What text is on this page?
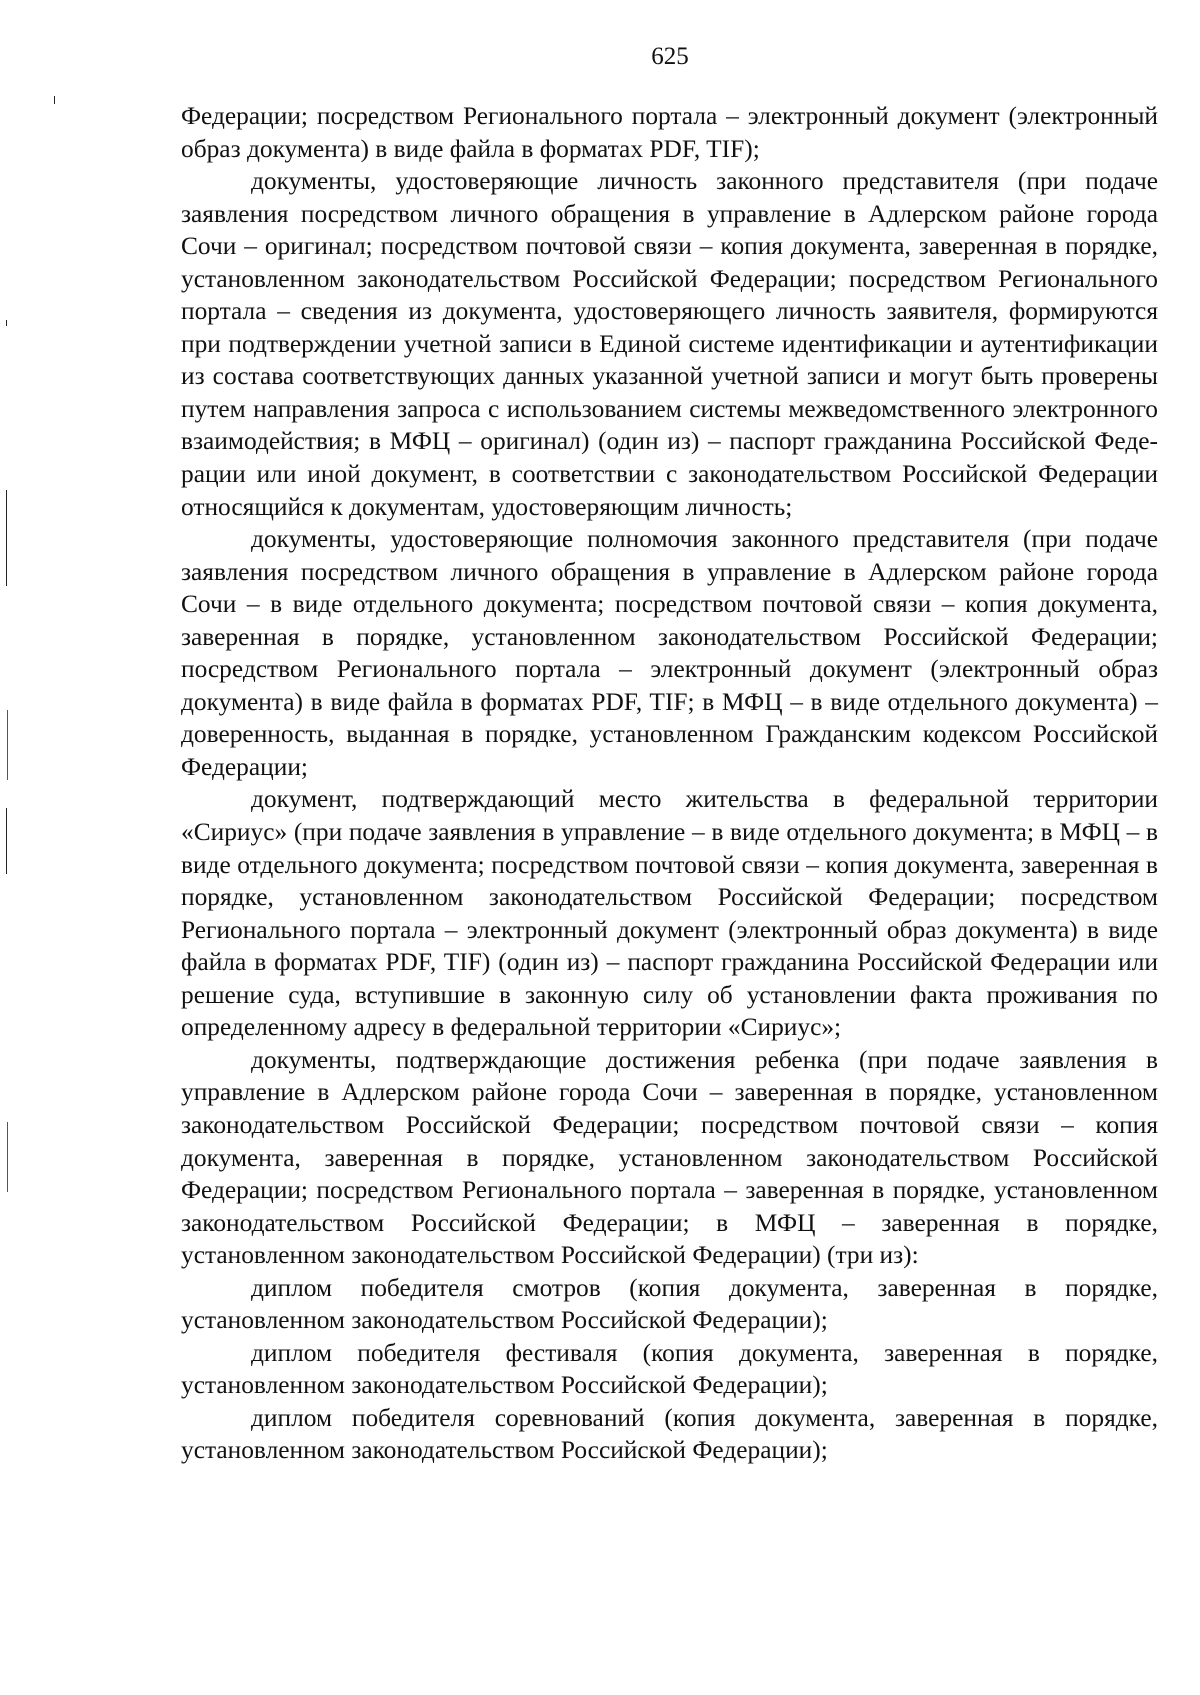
625

Федерации; посредством Регионального портала – электронный документ (электронный образ документа) в виде файла в форматах PDF, TIF);

документы, удостоверяющие личность законного представителя (при подаче заявления посредством личного обращения в управление в Адлерском районе города Сочи – оригинал; посредством почтовой связи – копия документа, заверенная в порядке, установленном законодательством Российской Федерации; посредством Регионального портала – сведения из документа, удостоверяющего личность заявителя, формируются при подтверждении учетной записи в Единой системе идентификации и аутентификации из состава соответствующих данных указанной учетной записи и могут быть проверены путем направления запроса с использованием системы межведомственного электронного взаимодействия; в МФЦ – оригинал) (один из) – паспорт гражданина Российской Федерации или иной документ, в соответствии с законодательством Российской Федерации относящийся к документам, удостоверяющим личность;

документы, удостоверяющие полномочия законного представителя (при подаче заявления посредством личного обращения в управление в Адлерском районе города Сочи – в виде отдельного документа; посредством почтовой связи – копия документа, заверенная в порядке, установленном законодательством Российской Федерации; посредством Регионального портала – электронный документ (электронный образ документа) в виде файла в форматах PDF, TIF; в МФЦ – в виде отдельного документа) – доверенность, выданная в порядке, установленном Гражданским кодексом Российской Федерации;

документ, подтверждающий место жительства в федеральной территории «Сириус» (при подаче заявления в управление – в виде отдельного документа; в МФЦ – в виде отдельного документа; посредством почтовой связи – копия документа, заверенная в порядке, установленном законодательством Российской Федерации; посредством Регионального портала – электронный документ (электронный образ документа) в виде файла в форматах PDF, TIF) (один из) – паспорт гражданина Российской Федерации или решение суда, вступившие в законную силу об установлении факта проживания по определенному адресу в федеральной территории «Сириус»;

документы, подтверждающие достижения ребенка (при подаче заявления в управление в Адлерском районе города Сочи – заверенная в порядке, установленном законодательством Российской Федерации; посредством почтовой связи – копия документа, заверенная в порядке, установленном законодательством Российской Федерации; посредством Регионального портала – заверенная в порядке, установленном законодательством Российской Федерации; в МФЦ – заверенная в порядке, установленном законодательством Российской Федерации) (три из):

диплом победителя смотров (копия документа, заверенная в порядке, установленном законодательством Российской Федерации);

диплом победителя фестиваля (копия документа, заверенная в порядке, установленном законодательством Российской Федерации);

диплом победителя соревнований (копия документа, заверенная в порядке, установленном законодательством Российской Федерации);
